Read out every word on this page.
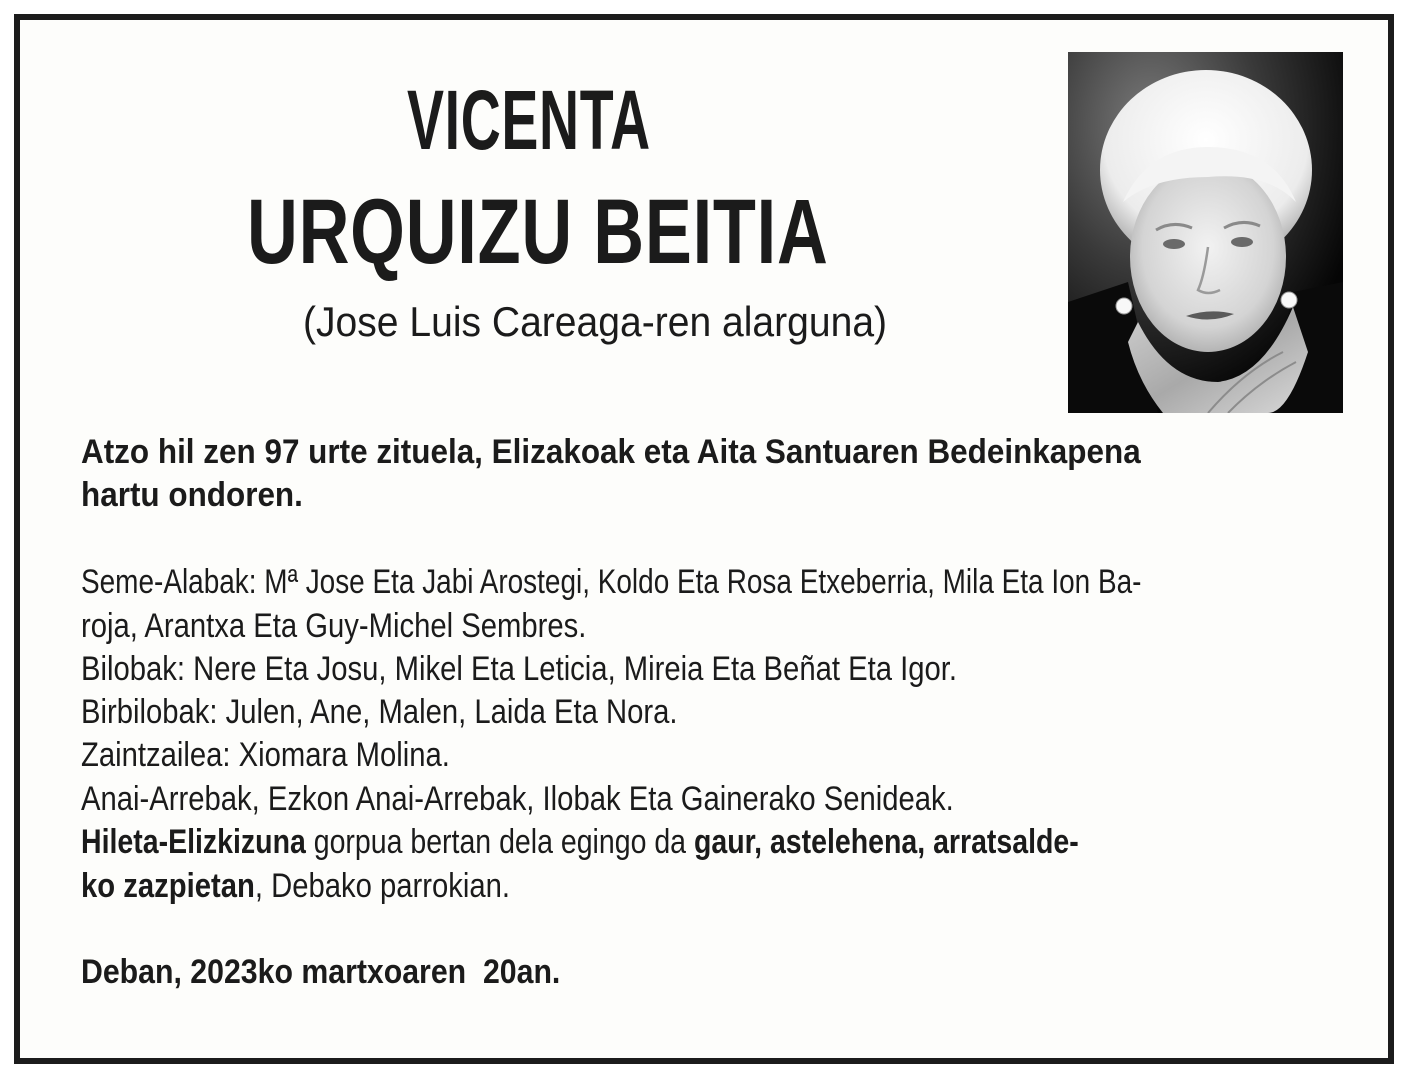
VICENTA
URQUIZU BEITIA
(Jose Luis Careaga-ren alarguna)
Atzo hil zen 97 urte zituela, Elizakoak eta Aita Santuaren Bedeinkapena
hartu ondoren.
Seme-Alabak: Mª Jose Eta Jabi Arostegi, Koldo Eta Rosa Etxeberria, Mila Eta Ion Ba-
roja, Arantxa Eta Guy-Michel Sembres.
Bilobak: Nere Eta Josu, Mikel Eta Leticia, Mireia Eta Beñat Eta Igor.
Birbilobak: Julen, Ane, Malen, Laida Eta Nora.
Zaintzailea: Xiomara Molina.
Anai-Arrebak, Ezkon Anai-Arrebak, Ilobak Eta Gainerako Senideak.
Hileta-Elizkizuna gorpua bertan dela egingo da gaur, astelehena, arratsalde-
ko zazpietan, Debako parrokian.
Deban, 2023ko martxoaren  20an.
